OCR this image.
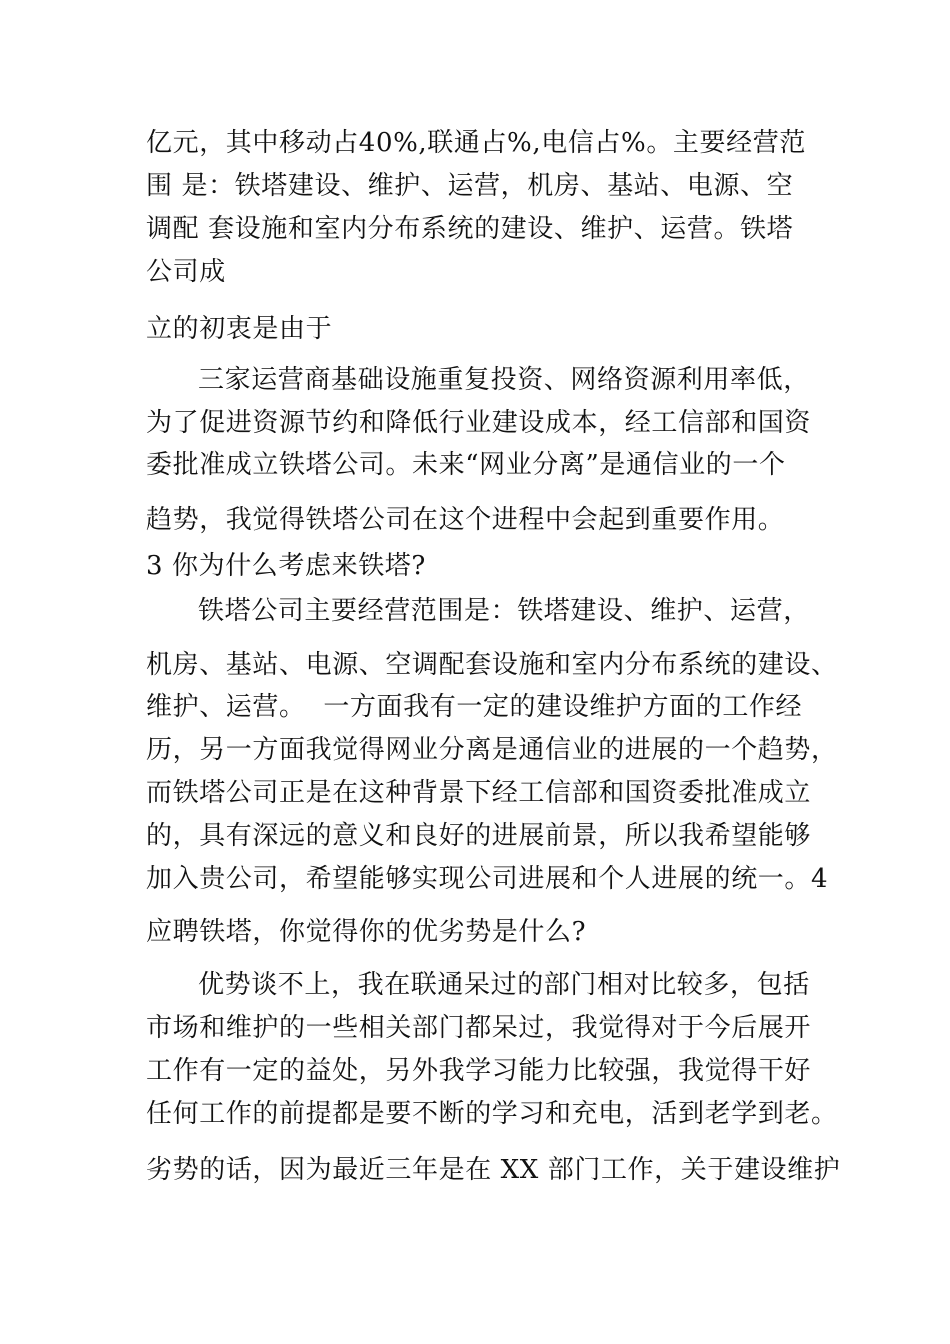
亿元，其中移动占40%,联通占%,电信占%。主要经营范
围 是：铁塔建设、维护、运营，机房、基站、电源、空
调配 套设施和室内分布系统的建设、维护、运营。铁塔
公司成
立的初衷是由于
三家运营商基础设施重复投资、网络资源利用率低，
为了促进资源节约和降低行业建设成本，经工信部和国资
委批准成立铁塔公司。未来“网业分离”是通信业的一个
趋势，我觉得铁塔公司在这个进程中会起到重要作用。
3 你为什么考虑来铁塔?
铁塔公司主要经营范围是：铁塔建设、维护、运营，
机房、基站、电源、空调配套设施和室内分布系统的建设、
维护、运营。  一方面我有一定的建设维护方面的工作经
历，另一方面我觉得网业分离是通信业的进展的一个趋势，
而铁塔公司正是在这种背景下经工信部和国资委批准成立
的，具有深远的意义和良好的进展前景，所以我希望能够
加入贵公司，希望能够实现公司进展和个人进展的统一。4
应聘铁塔，你觉得你的优劣势是什么?
优势谈不上，我在联通呆过的部门相对比较多，包括
市场和维护的一些相关部门都呆过，我觉得对于今后展开
工作有一定的益处，另外我学习能力比较强，我觉得干好
任何工作的前提都是要不断的学习和充电，活到老学到老。
劣势的话，因为最近三年是在 XX 部门工作，关于建设维护
